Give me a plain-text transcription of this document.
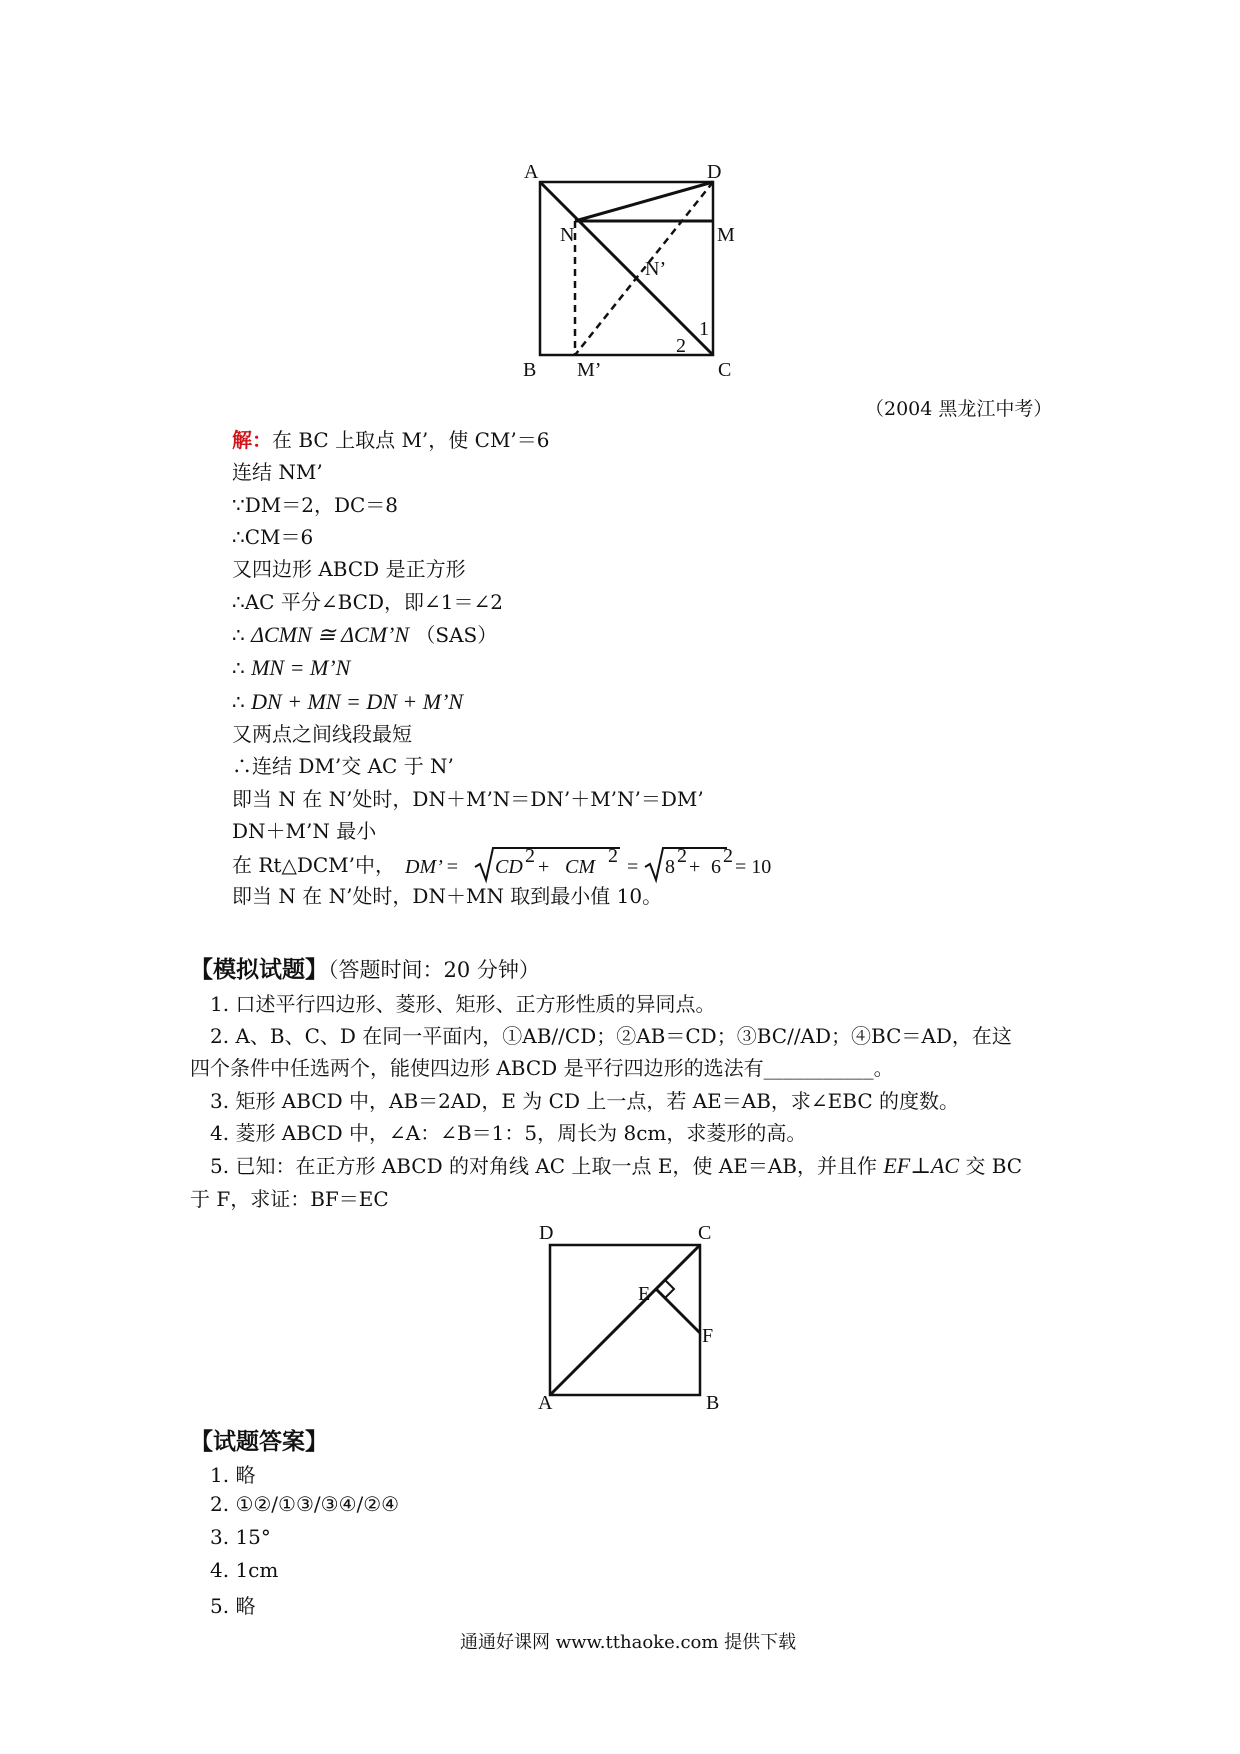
A	D
N	M
N’
1
2
B M’	C
（2004 黑龙江中考）
解：在 BC 上取点 M’，使 CM’＝6
连结 NM’
∵DM＝2，DC＝8
∴CM＝6
又四边形 ABCD 是正方形
∴AC 平分∠BCD，即∠1＝∠2
∴ ΔCMN ≅ ΔCM’N （SAS）
∴ MN = M’N
∴ DN + MN = DN + M’N
又两点之间线段最短
∴连结 DM’交 AC 于 N’
即当 N 在 N’处时，DN＋M’N＝DN’＋M’N’＝DM’
DN＋M’N 最小
在 Rt△DCM’中， DM’ = CD 2
+ CM 2 = 8 2
+ 6 2 = 10
即当 N 在 N’处时，DN＋MN 取到最小值 10。
【模拟试题】（答题时间：20 分钟）
1. 口述平行四边形、菱形、矩形、正方形性质的异同点。
2. A、B、C、D 在同一平面内，①AB//CD；②AB＝CD；③BC//AD；④BC＝AD，在这
四个条件中任选两个，能使四边形 ABCD 是平行四边形的选法有___________。
3. 矩形 ABCD 中，AB＝2AD，E 为 CD 上一点，若 AE＝AB，求∠EBC 的度数。
4. 菱形 ABCD 中，∠A：∠B＝1：5，周长为 8cm，求菱形的高。
5. 已知：在正方形 ABCD 的对角线 AC 上取一点 E，使 AE＝AB，并且作 EF⊥AC 交 BC
于 F，求证：BF＝EC
D	C
E
F
A	B
【试题答案】
1. 略
2. ①②/①③/③④/②④
3. 15°
4. 1cm
5. 略
通通好课网 www.tthaoke.com 提供下载
